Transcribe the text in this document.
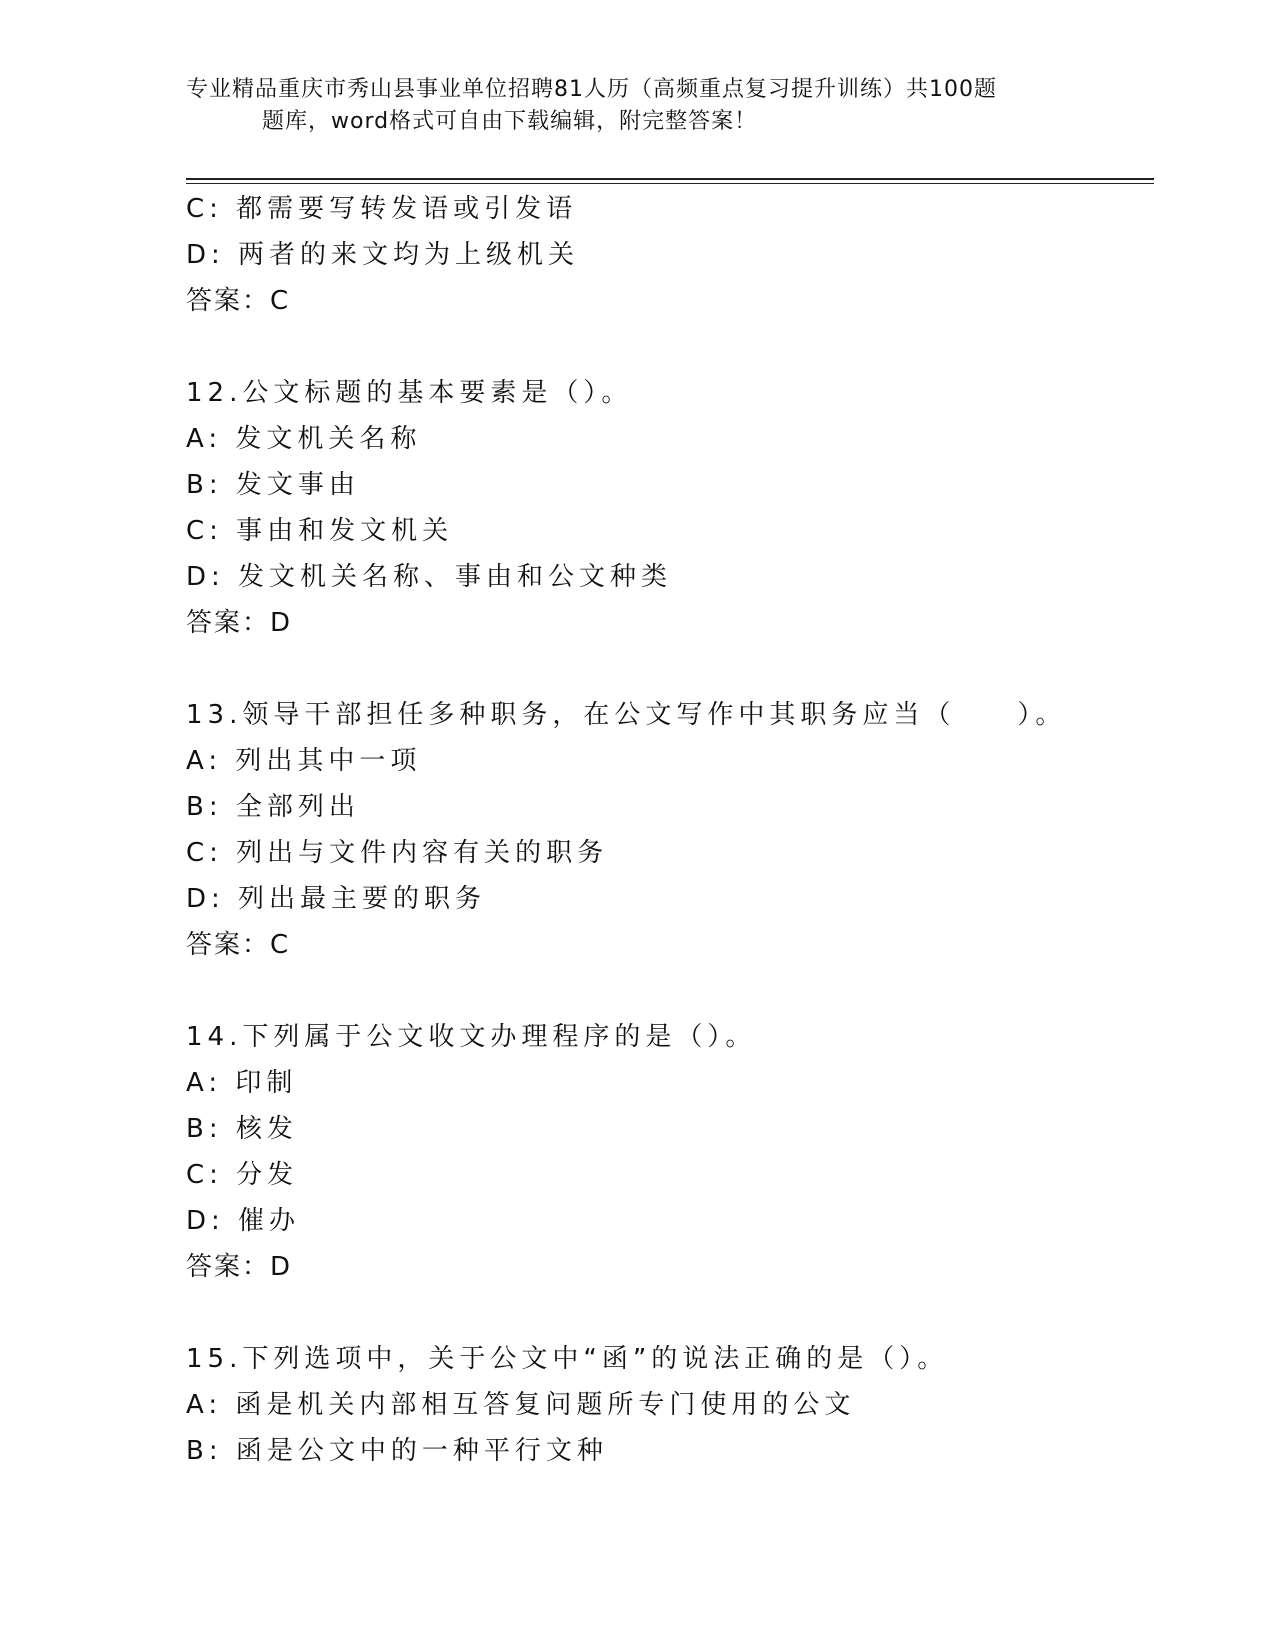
专业精品重庆市秀山县事业单位招聘81人历（高频重点复习提升训练）共100题
题库，word格式可自由下载编辑，附完整答案！
C: 都需要写转发语或引发语
D: 两者的来文均为上级机关
答案：C
12.公文标题的基本要素是（）。
A: 发文机关名称
B: 发文事由
C: 事由和发文机关
D: 发文机关名称、事由和公文种类
答案：D
13.领导干部担任多种职务，在公文写作中其职务应当（　　）。
A: 列出其中一项
B: 全部列出
C: 列出与文件内容有关的职务
D: 列出最主要的职务
答案：C
14.下列属于公文收文办理程序的是（）。
A: 印制
B: 核发
C: 分发
D: 催办
答案：D
15.下列选项中，关于公文中“函”的说法正确的是（）。
A: 函是机关内部相互答复问题所专门使用的公文
B: 函是公文中的一种平行文种
